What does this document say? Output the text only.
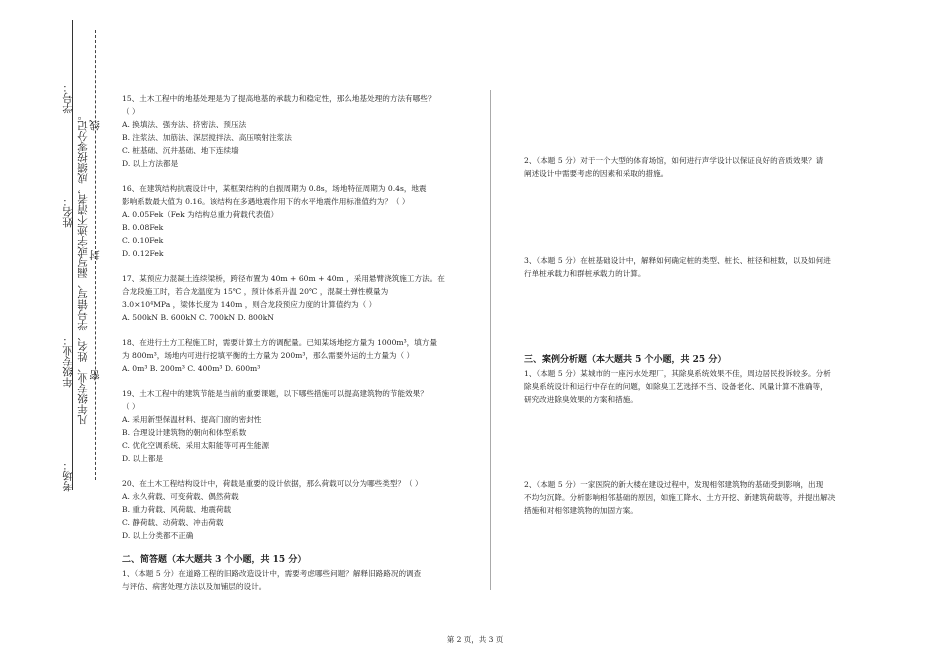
学号：
姓名：
年级专业：
考场：
凡年级专业、姓名、学号错写、漏写或字迹不清者，成绩按零分记。 密
封
线
15、土木工程中的地基处理是为了提高地基的承载力和稳定性，那么地基处理的方法有哪些？
（ ）
A. 换填法、强夯法、挤密法、预压法
B. 注浆法、加筋法、深层搅拌法、高压喷射注浆法
C. 桩基础、沉井基础、地下连续墙
D. 以上方法都是
16、在建筑结构抗震设计中，某框架结构的自振周期为 0.8s，场地特征周期为 0.4s，地震
影响系数最大值为 0.16。该结构在多遇地震作用下的水平地震作用标准值约为？（ ）
A. 0.05Fek（Fek 为结构总重力荷载代表值）
B. 0.08Fek
C. 0.10Fek
D. 0.12Fek
17、某预应力混凝土连续梁桥，跨径布置为 40m + 60m + 40m ，采用悬臂浇筑施工方法。在
合龙段施工时，若合龙温度为 15℃ ，预计体系升温 20℃ ，混凝土弹性模量为
3.0×10⁴MPa ，梁体长度为 140m ，则合龙段预应力度的计算值约为（ ）
A. 500kN B. 600kN C. 700kN D. 800kN
18、在进行土方工程施工时，需要计算土方的调配量。已知某场地挖方量为 1000m³，填方量
为 800m³，场地内可进行挖填平衡的土方量为 200m³，那么需要外运的土方量为（ ）
A. 0m³ B. 200m³ C. 400m³ D. 600m³
19、土木工程中的建筑节能是当前的重要课题，以下哪些措施可以提高建筑物的节能效果？
（ ）
A. 采用新型保温材料、提高门窗的密封性
B. 合理设计建筑物的朝向和体型系数
C. 优化空调系统、采用太阳能等可再生能源
D. 以上都是
20、在土木工程结构设计中，荷载是重要的设计依据，那么荷载可以分为哪些类型？（ ）
A. 永久荷载、可变荷载、偶然荷载
B. 重力荷载、风荷载、地震荷载
C. 静荷载、动荷载、冲击荷载
D. 以上分类都不正确
二、简答题（本大题共 3 个小题，共 15 分）
1、（本题 5 分）在道路工程的旧路改造设计中，需要考虑哪些问题？解释旧路路况的调查
与评估、病害处理方法以及加铺层的设计。
2、（本题 5 分）对于一个大型的体育场馆，如何进行声学设计以保证良好的音质效果？请
阐述设计中需要考虑的因素和采取的措施。
3、（本题 5 分）在桩基础设计中，解释如何确定桩的类型、桩长、桩径和桩数，以及如何进
行单桩承载力和群桩承载力的计算。
三、案例分析题（本大题共 5 个小题，共 25 分）
1、（本题 5 分）某城市的一座污水处理厂，其除臭系统效果不佳，周边居民投诉较多。分析
除臭系统设计和运行中存在的问题，如除臭工艺选择不当、设备老化、风量计算不准确等，
研究改进除臭效果的方案和措施。
2、（本题 5 分）一家医院的新大楼在建设过程中，发现相邻建筑物的基础受到影响，出现
不均匀沉降。分析影响相邻基础的原因，如施工降水、土方开挖、新建筑荷载等，并提出解决
措施和对相邻建筑物的加固方案。
第 2 页，共 3 页
